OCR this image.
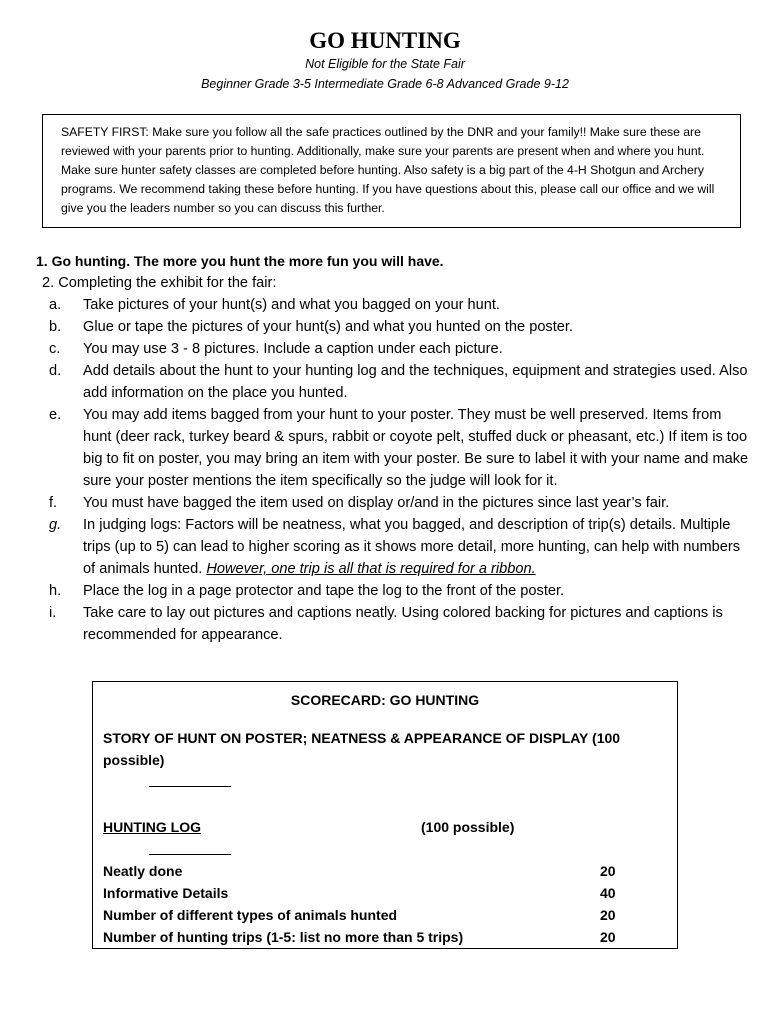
GO HUNTING
Not Eligible for the State Fair
Beginner Grade 3-5 Intermediate Grade 6-8 Advanced Grade 9-12
SAFETY FIRST: Make sure you follow all the safe practices outlined by the DNR and your family!! Make sure these are reviewed with your parents prior to hunting. Additionally, make sure your parents are present when and where you hunt. Make sure hunter safety classes are completed before hunting. Also safety is a big part of the 4-H Shotgun and Archery programs. We recommend taking these before hunting. If you have questions about this, please call our office and we will give you the leaders number so you can discuss this further.
1. Go hunting. The more you hunt the more fun you will have.
2. Completing the exhibit for the fair:
a. Take pictures of your hunt(s) and what you bagged on your hunt.
b. Glue or tape the pictures of your hunt(s) and what you hunted on the poster.
c. You may use 3 - 8 pictures. Include a caption under each picture.
d. Add details about the hunt to your hunting log and the techniques, equipment and strategies used. Also add information on the place you hunted.
e. You may add items bagged from your hunt to your poster. They must be well preserved. Items from hunt (deer rack, turkey beard & spurs, rabbit or coyote pelt, stuffed duck or pheasant, etc.) If item is too big to fit on poster, you may bring an item with your poster. Be sure to label it with your name and make sure your poster mentions the item specifically so the judge will look for it.
f. You must have bagged the item used on display or/and in the pictures since last year’s fair.
g. In judging logs: Factors will be neatness, what you bagged, and description of trip(s) details. Multiple trips (up to 5) can lead to higher scoring as it shows more detail, more hunting, can help with numbers of animals hunted. However, one trip is all that is required for a ribbon.
h. Place the log in a page protector and tape the log to the front of the poster.
i. Take care to lay out pictures and captions neatly. Using colored backing for pictures and captions is recommended for appearance.
SCORECARD: GO HUNTING
STORY OF HUNT ON POSTER; NEATNESS & APPEARANCE OF DISPLAY (100 possible)
HUNTING LOG	(100 possible)
Neatly done	20
Informative Details	40
Number of different types of animals hunted	20
Number of hunting trips (1-5: list no more than 5 trips)	20
